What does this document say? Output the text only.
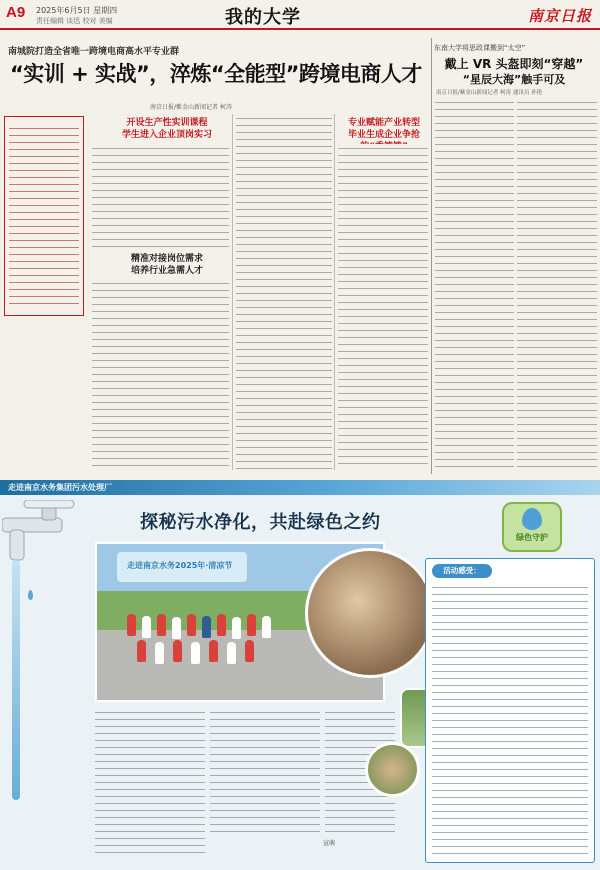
A9 2025年6月5日 星期四
责任编辑 谈迅 校对 美编	我的大学	南京日报
南城院打造全省唯一跨境电商高水平专业群
“实训 + 实战”，淬炼“全能型”跨境电商人才
南京日报/紫金山新闻记者 柯涛
开设生产性实训课程
学生进入企业顶岗实习
精准对接岗位需求
培养行业急需人才
专业赋能产业转型
毕业生成企业争抢
东南大学将思政课搬到“太空”
戴上 VR 头盔即刻“穿越”
“星辰大海”触手可及
南京日报/紫金山新闻记者 柯涛 通讯员 孙艳
走进南京水务集团污水处理厂
探秘污水净化，共赴绿色之约
绿色守护
走进南京水务2025年·清凉节
宣萌
活动感受：
